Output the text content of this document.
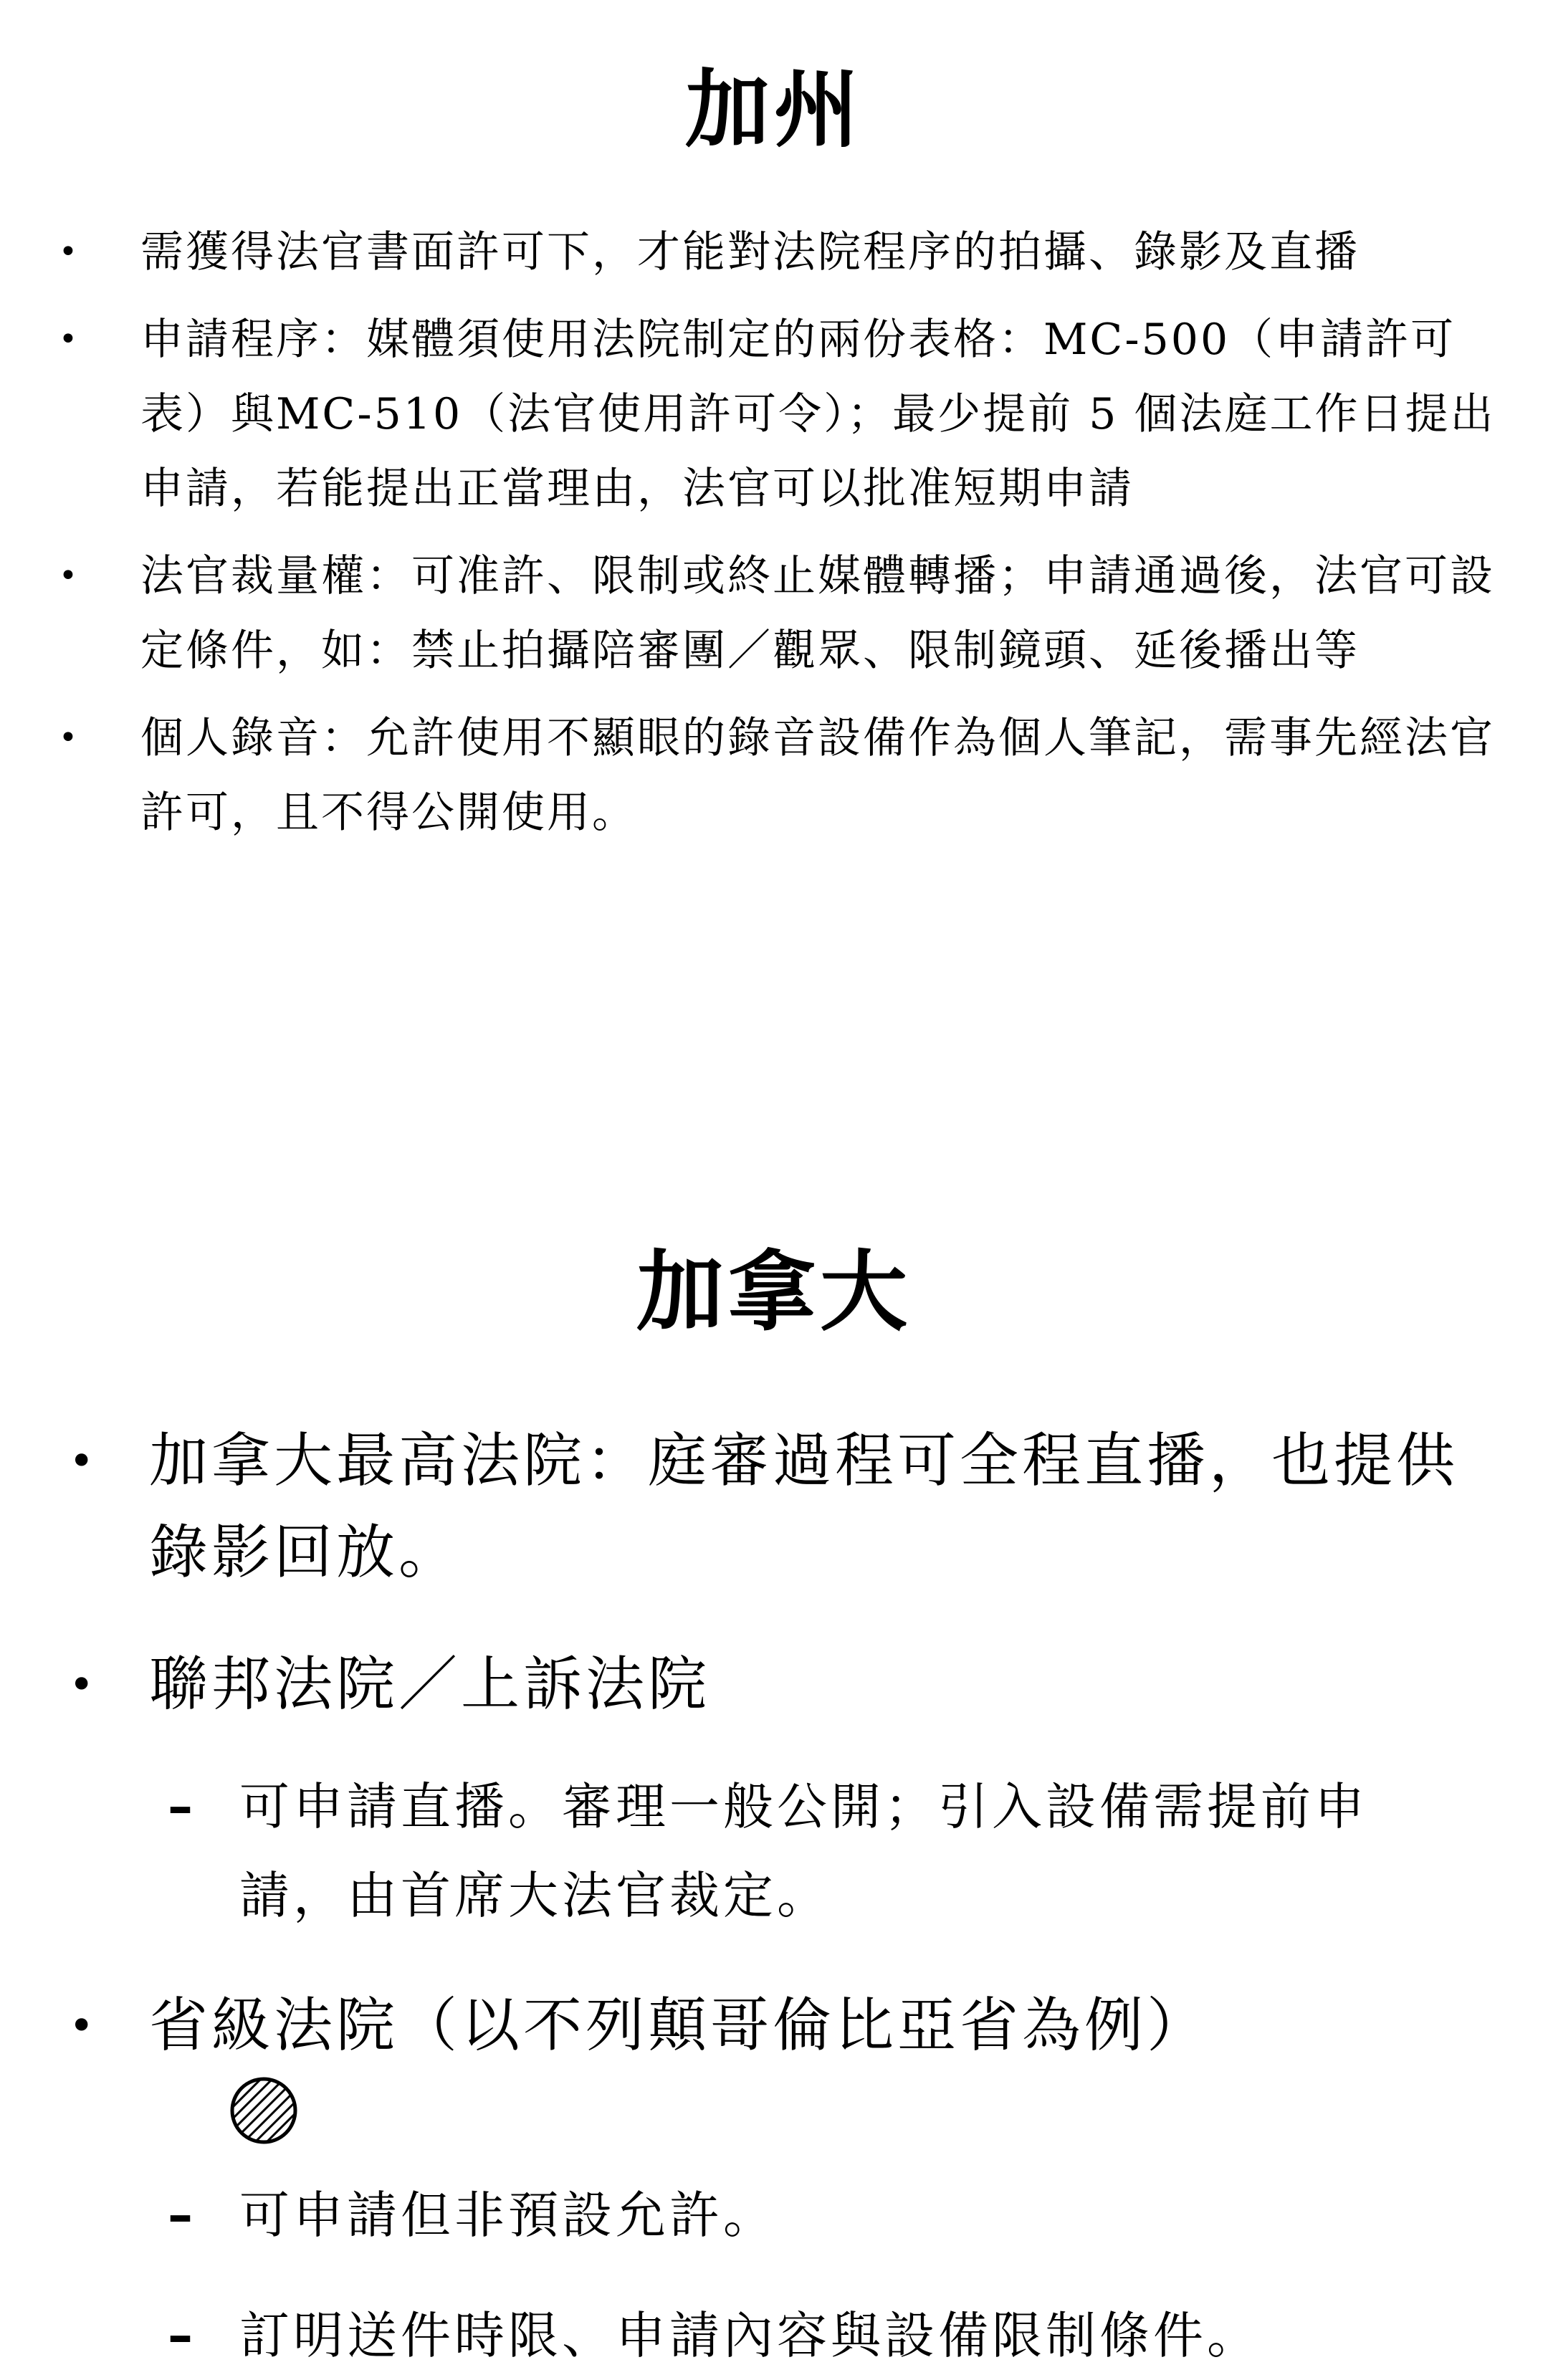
加州
• 需獲得法官書面許可下，才能對法院程序的拍攝、錄影及直播
• 申請程序：媒體須使用法院制定的兩份表格：MC-500（申請許可表）與MC-510（法官使用許可令）；最少提前 5 個法庭工作日提出申請，若能提出正當理由，法官可以批准短期申請
• 法官裁量權：可准許、限制或終止媒體轉播；申請通過後，法官可設定條件，如：禁止拍攝陪審團／觀眾、限制鏡頭、延後播出等
• 個人錄音：允許使用不顯眼的錄音設備作為個人筆記，需事先經法官許可，且不得公開使用。
加拿大
• 加拿大最高法院：庭審過程可全程直播，也提供錄影回放。
• 聯邦法院／上訴法院
– 可申請直播。審理一般公開；引入設備需提前申請，由首席大法官裁定。
• 省級法院（以不列顛哥倫比亞省為例）
– 可申請但非預設允許。
– 訂明送件時限、申請內容與設備限制條件。
